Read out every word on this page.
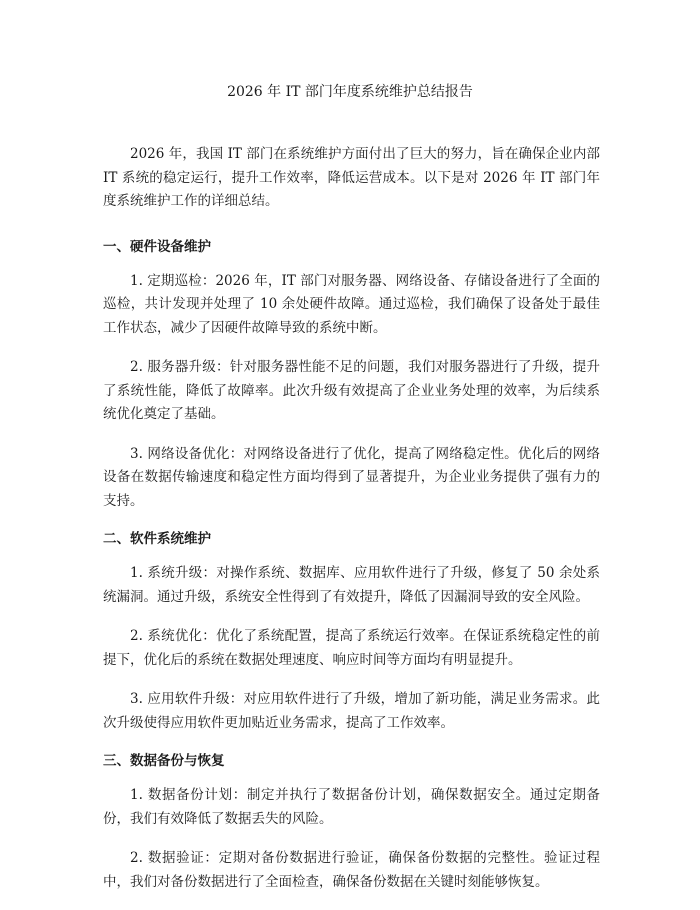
2026 年 IT 部门年度系统维护总结报告

2026 年，我国 IT 部门在系统维护方面付出了巨大的努力，旨在确保企业内部 IT 系统的稳定运行，提升工作效率，降低运营成本。以下是对 2026 年 IT 部门年度系统维护工作的详细总结。

一、硬件设备维护

1. 定期巡检：2026 年，IT 部门对服务器、网络设备、存储设备进行了全面的巡检，共计发现并处理了 10 余处硬件故障。通过巡检，我们确保了设备处于最佳工作状态，减少了因硬件故障导致的系统中断。

2. 服务器升级：针对服务器性能不足的问题，我们对服务器进行了升级，提升了系统性能，降低了故障率。此次升级有效提高了企业业务处理的效率，为后续系统优化奠定了基础。

3. 网络设备优化：对网络设备进行了优化，提高了网络稳定性。优化后的网络设备在数据传输速度和稳定性方面均得到了显著提升，为企业业务提供了强有力的支持。

二、软件系统维护

1. 系统升级：对操作系统、数据库、应用软件进行了升级，修复了 50 余处系统漏洞。通过升级，系统安全性得到了有效提升，降低了因漏洞导致的安全风险。

2. 系统优化：优化了系统配置，提高了系统运行效率。在保证系统稳定性的前提下，优化后的系统在数据处理速度、响应时间等方面均有明显提升。

3. 应用软件升级：对应用软件进行了升级，增加了新功能，满足业务需求。此次升级使得应用软件更加贴近业务需求，提高了工作效率。

三、数据备份与恢复

1. 数据备份计划：制定并执行了数据备份计划，确保数据安全。通过定期备份，我们有效降低了数据丢失的风险。

2. 数据验证：定期对备份数据进行验证，确保备份数据的完整性。验证过程中，我们对备份数据进行了全面检查，确保备份数据在关键时刻能够恢复。
